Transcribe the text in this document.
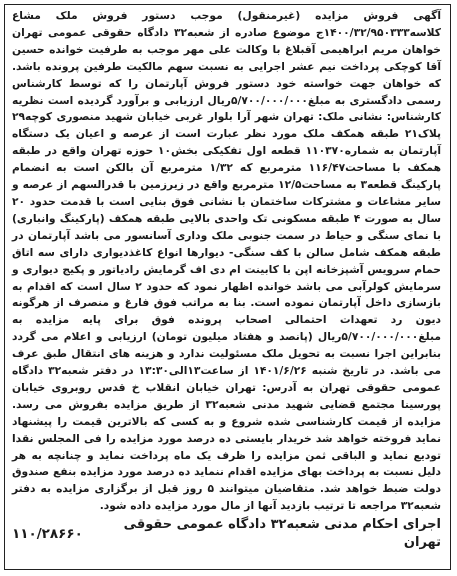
آگهی فروش مزایده (غیرمنقول) موجب دستور فروش ملک مشاع کلاسه۱۴۰۰/۳۲/۹۵۰۳۳۳ج موضوع صادره از شعبه۳۲ دادگاه حقوقی عمومی تهران خواهان مریم ابراهیمی آقبلاغ با وکالت علی مهر موجب به طرفیت خوانده حسین آقا کوچکی پرداخت نیم عشر اجرایی به نسبت سهم مالکیت طرفین پرونده باشد. که خواهان جهت خواسته خود دستور فروش آپارتمان را که توسط کارشناس رسمی دادگستری به مبلغ۵/۷۰۰/۰۰۰/۰۰۰ریال ارزیابی و برآورد گردیده است نظریه کارشناس: نشانی ملک: تهران شهر آرا بلوار غربی خیابان شهید منصوری کوچه۲۹ پلاک۲۱ طبقه همکف ملک مورد نظر عبارت است از عرصه و اعیان یک دستگاه آپارتمان به شماره۱۱۰۳۷۰ قطعه اول تفکیکی بخش۱۰ حوزه تهران واقع در طبقه همکف با مساحت۱۱۶/۴۷ مترمربع که ۱/۳۲ مترمربع آن بالکن است به انضمام پارکینگ قطعه۳ به مساحت۱۲/۵ مترمربع واقع در زیرزمین با قدرالسهم از عرصه و سایر مشاعات و مشترکات ساختمان با نشانی فوق بنایی است با قدمت حدود ۲۰ سال به صورت ۴ طبقه مسکونی تک واحدی بالایی طبقه همکف (پارکینگ وانباری) با نمای سنگی و حیاط در سمت جنوبی ملک وداری آسانسور می باشد آپارتمان در طبقه همکف شامل سالن با کف سنگی- دیوارها انواع کاغذدیواری دارای سه اتاق حمام سرویس آشپزخانه اپن با کابینت ام دی اف گرمایش رادیاتور و پکیج دیواری و سرمایش کولرآبی می باشد خوانده اظهار نمود که حدود ۲ سال است که اقدام به بازسازی داخل آپارتمان نموده است. بنا به مراتب فوق فارغ و منصرف از هرگونه دیون رد تعهدات احتمالی اصحاب پرونده فوق برای پایه مزایده به مبلغ۵/۷۰۰/۰۰۰/۰۰۰ریال (پانصد و هفتاد میلیون تومان) ارزیابی و اعلام می گردد بنابراین اجرا نسبت به تحویل ملک مسئولیت ندارد و هزینه های انتقال طبق عرف می باشد. در تاریخ شنبه ۱۴۰۱/۶/۲۶ از ساعت۱۳الی۱۳:۳۰ در دفتر شعبه۳۲ دادگاه عمومی حقوقی تهران به آدرس: تهران خیابان انقلاب خ قدس روبروی خیابان پورسینا مجتمع قضایی شهید مدنی شعبه۳۲ از طریق مزایده بفروش می رسد. مزایده از قیمت کارشناسی شده شروع و به کسی که بالاترین قیمت را پیشنهاد نماید فروخته خواهد شد خریدار بایستی ده درصد مورد مزایده را فی المجلس نقدا تودیع نماید و الباقی ثمن مزایده را ظرف یک ماه پرداخت نماید و چنانچه به هر دلیل نسبت به پرداخت بهای مزایده اقدام ننماید ده درصد مورد مزایده بنفع صندوق دولت ضبط خواهد شد. متقاضیان میتوانند ۵ روز قبل از برگزاری مزایده به دفتر شعبه۳۲ مراجعه تا ترتیب بازدید آنها از مال مورد مزایده داده شود.

اجرای احکام مدنی شعبه۳۲ دادگاه عمومی حقوقی تهران
۱۱۰/۲۸۶۶۰
